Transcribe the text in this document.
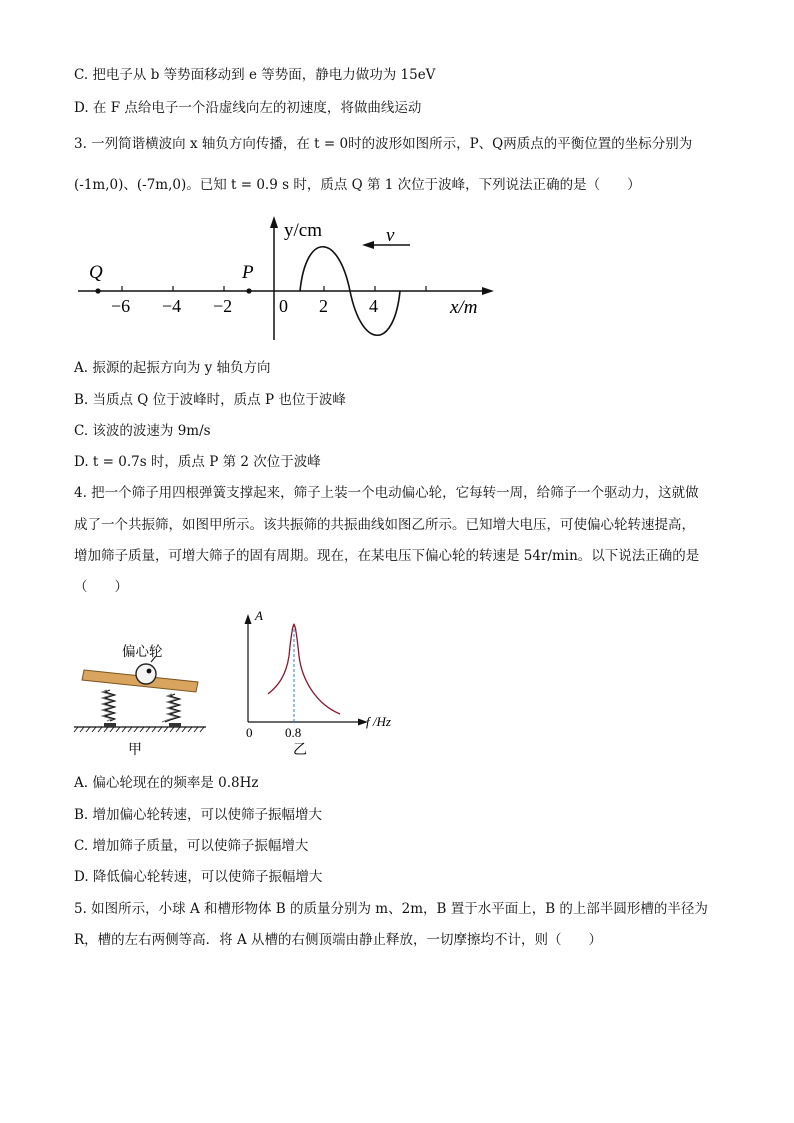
C. 把电子从 b 等势面移动到 e 等势面，静电力做功为 15eV
D. 在 F 点给电子一个沿虚线向左的初速度，将做曲线运动
3. 一列简谐横波向 x 轴负方向传播，在 t = 0时的波形如图所示，P、Q两质点的平衡位置的坐标分别为
(-1m,0)、(-7m,0)。已知 t = 0.9 s 时，质点 Q 第 1 次位于波峰，下列说法正确的是（　　）
y/cm
x/m
v
Q	P
−6 −4 −2	0 2 4
A. 振源的起振方向为 y 轴负方向
B. 当质点 Q 位于波峰时，质点 P 也位于波峰
C. 该波的波速为 9m/s
D. t = 0.7s 时，质点 P 第 2 次位于波峰
4. 把一个筛子用四根弹簧支撑起来，筛子上装一个电动偏心轮，它每转一周，给筛子一个驱动力，这就做
成了一个共振筛，如图甲所示。该共振筛的共振曲线如图乙所示。已知增大电压，可使偏心轮转速提高，
增加筛子质量，可增大筛子的固有周期。现在，在某电压下偏心轮的转速是 54r/min。以下说法正确的是
（　　）
偏心轮
甲
A
f /Hz
0	0.8
乙
A. 偏心轮现在的频率是 0.8Hz
B. 增加偏心轮转速，可以使筛子振幅增大
C. 增加筛子质量，可以使筛子振幅增大
D. 降低偏心轮转速，可以使筛子振幅增大
5. 如图所示，小球 A 和槽形物体 B 的质量分别为 m、2m，B 置于水平面上，B 的上部半圆形槽的半径为
R，槽的左右两侧等高．将 A 从槽的右侧顶端由静止释放，一切摩擦均不计，则（　　）
